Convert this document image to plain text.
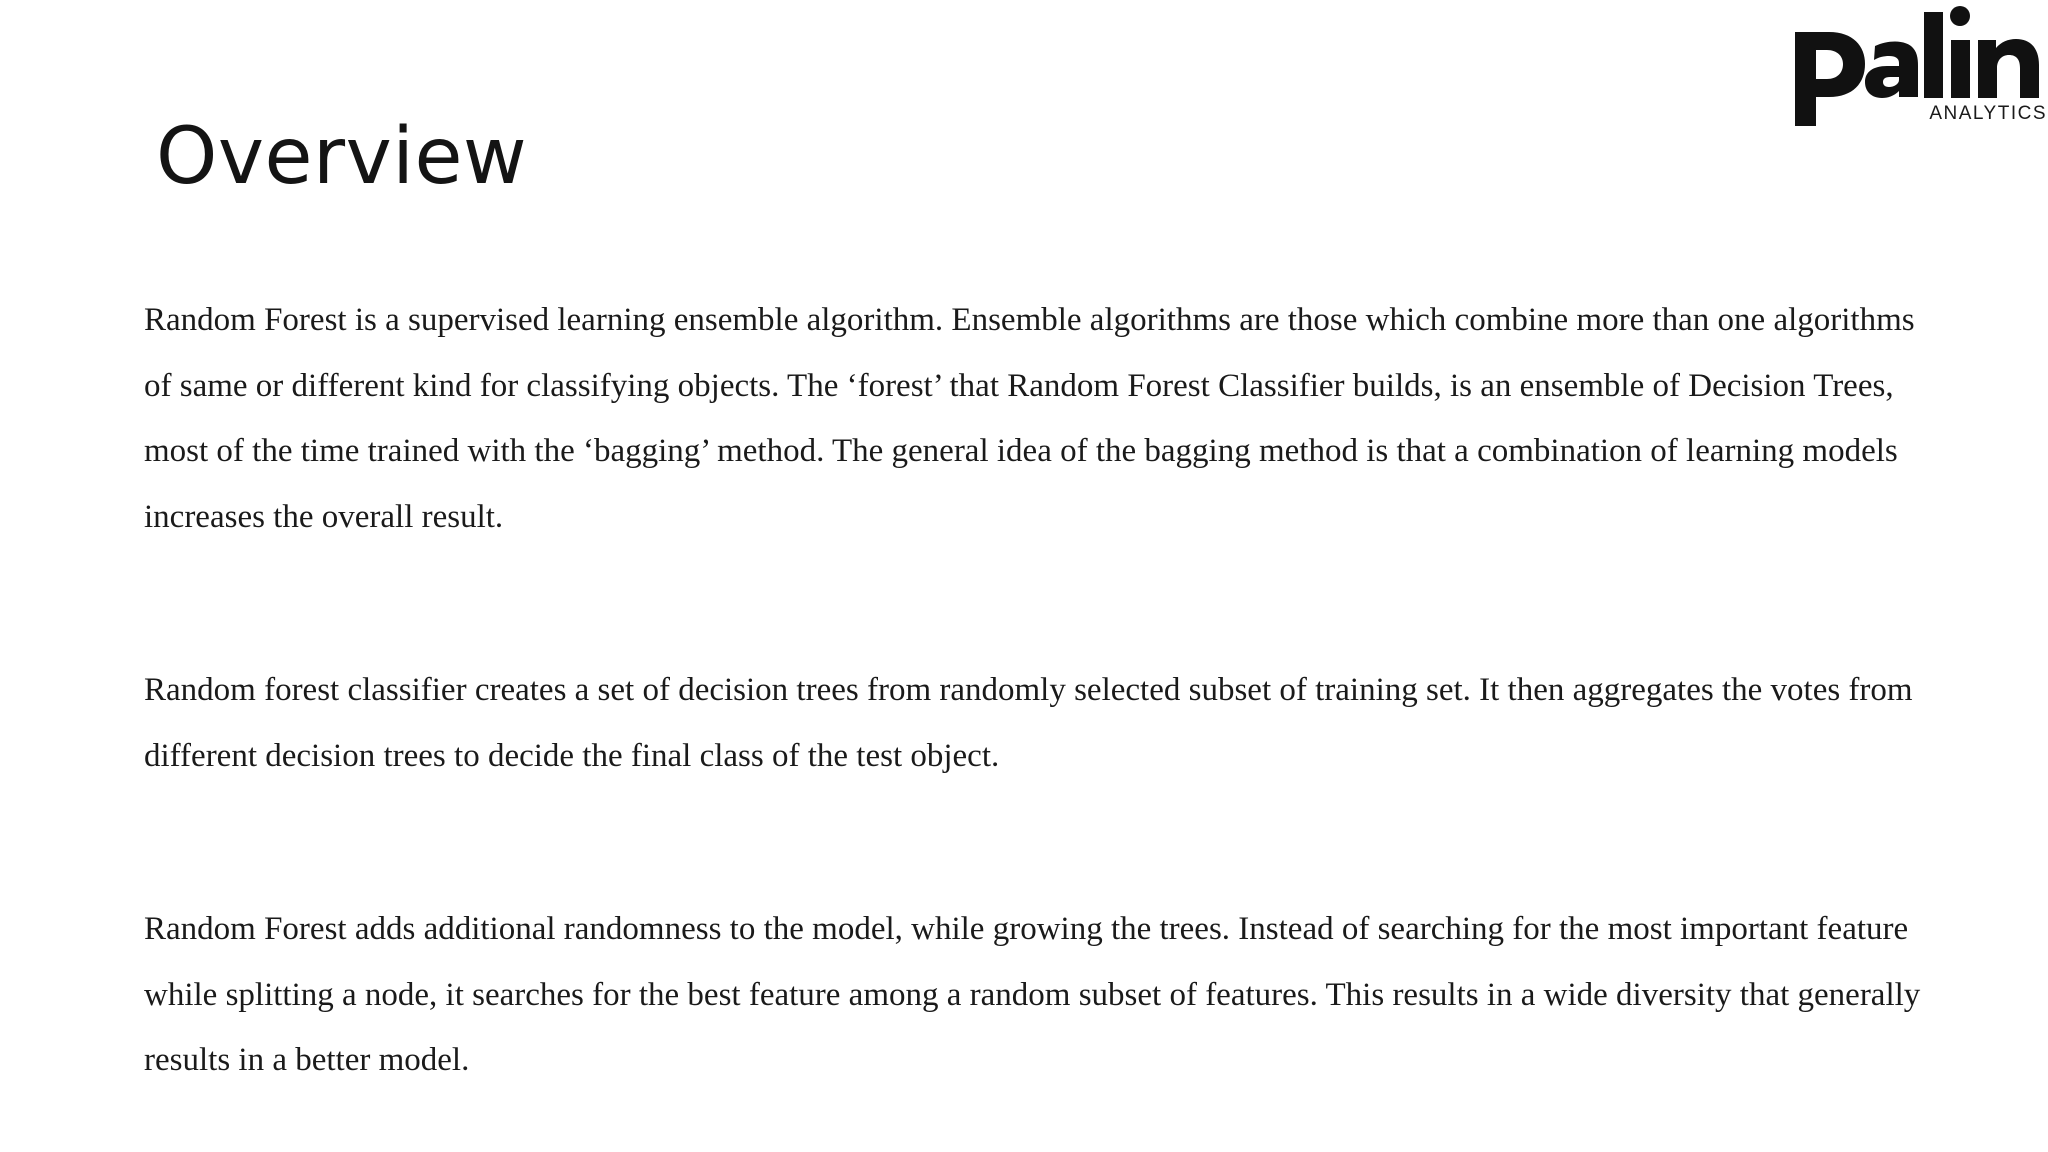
ANALYTICS
Overview

Random Forest is a supervised learning ensemble algorithm. Ensemble algorithms are those which combine more than one algorithms of same or different kind for classifying objects. The ‘forest’ that Random Forest Classifier builds, is an ensemble of Decision Trees, most of the time trained with the ‘bagging’ method. The general idea of the bagging method is that a combination of learning models increases the overall result.

Random forest classifier creates a set of decision trees from randomly selected subset of training set. It then aggregates the votes from different decision trees to decide the final class of the test object.

Random Forest adds additional randomness to the model, while growing the trees. Instead of searching for the most important feature while splitting a node, it searches for the best feature among a random subset of features. This results in a wide diversity that generally results in a better model.
